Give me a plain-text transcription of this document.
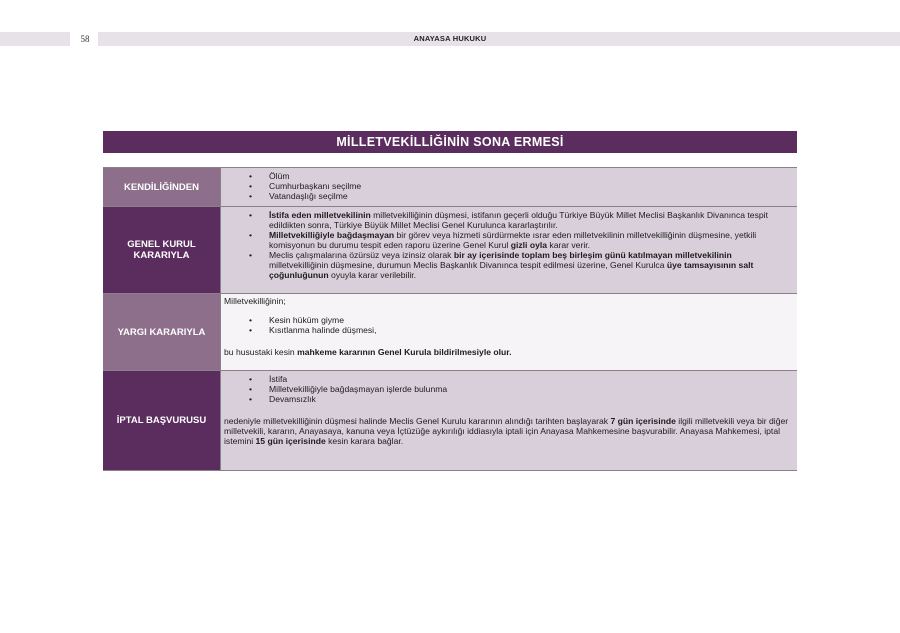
58	ANAYASA HUKUKU
MİLLETVEKİLLİĞİNİN SONA ERMESİ
KENDİLİĞİNDEN
• Ölüm
• Cumhurbaşkanı seçilme
• Vatandaşlığı seçilme
GENEL KURUL KARARIYLA
• İstifa eden milletvekilinin milletvekilliğinin düşmesi, istifanın geçerli olduğu Türkiye Büyük Millet Meclisi Başkanlık Divanınca tespit edildikten sonra, Türkiye Büyük Millet Meclisi Genel Kurulunca kararlaştırılır.
• Milletvekilliğiyle bağdaşmayan bir görev veya hizmeti sürdürmekte ısrar eden milletvekilinin milletvekilliğinin düşmesine, yetkili komisyonun bu durumu tespit eden raporu üzerine Genel Kurul gizli oyla karar verir.
• Meclis çalışmalarına özürsüz veya izinsiz olarak bir ay içerisinde toplam beş birleşim günü katılmayan milletvekilinin milletvekilliğinin düşmesine, durumun Meclis Başkanlık Divanınca tespit edilmesi üzerine, Genel Kurulca üye tamsayısının salt çoğunluğunun oyuyla karar verilebilir.
YARGI KARARIYLA

Milletvekilliğinin;

• Kesin hüküm giyme
• Kısıtlanma halinde düşmesi,

bu husustaki kesin mahkeme kararının Genel Kurula bildirilmesiyle olur.

İPTAL BAŞVURUSU
• İstifa
• Milletvekilliğiyle bağdaşmayan işlerde bulunma
• Devamsızlık

nedeniyle milletvekilliğinin düşmesi halinde Meclis Genel Kurulu kararının alındığı tarihten başlayarak 7 gün içerisinde ilgili milletvekili veya bir diğer milletvekili, kararın, Anayasaya, kanuna veya İçtüzüğe aykırılığı iddiasıyla iptali için Anayasa Mahkemesine başvurabilir. Anayasa Mahkemesi, iptal istemini 15 gün içerisinde kesin karara bağlar.
